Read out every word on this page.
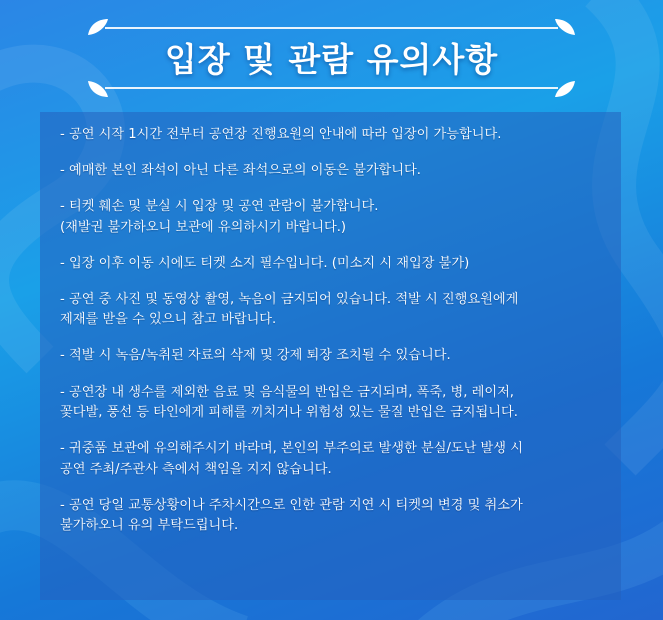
입장 및 관람 유의사항
- 공연 시작 1시간 전부터 공연장 진행요원의 안내에 따라 입장이 가능합니다.
- 예매한 본인 좌석이 아닌 다른 좌석으로의 이동은 불가합니다.
- 티켓 훼손 및 분실 시 입장 및 공연 관람이 불가합니다.
(재발권 불가하오니 보관에 유의하시기 바랍니다.)
- 입장 이후 이동 시에도 티켓 소지 필수입니다. (미소지 시 재입장 불가)
- 공연 중 사진 및 동영상 촬영, 녹음이 금지되어 있습니다. 적발 시 진행요원에게
제재를 받을 수 있으니 참고 바랍니다.
- 적발 시 녹음/녹취된 자료의 삭제 및 강제 퇴장 조치될 수 있습니다.
- 공연장 내 생수를 제외한 음료 및 음식물의 반입은 금지되며, 폭죽, 병, 레이저,
꽃다발, 풍선 등 타인에게 피해를 끼치거나 위험성 있는 물질 반입은 금지됩니다.
- 귀중품 보관에 유의해주시기 바라며, 본인의 부주의로 발생한 분실/도난 발생 시
공연 주최/주관사 측에서 책임을 지지 않습니다.
- 공연 당일 교통상황이나 주차시간으로 인한 관람 지연 시 티켓의 변경 및 취소가
불가하오니 유의 부탁드립니다.
